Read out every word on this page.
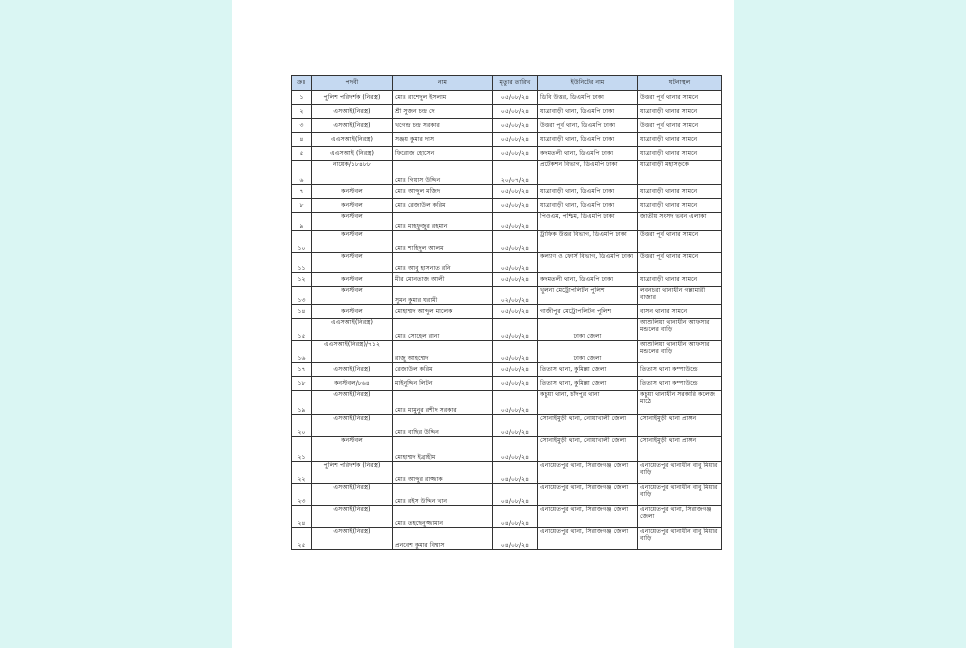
ক্রঃ	পদবী	নাম	মৃত্যুর তারিখ	ইউনিটের নাম	ঘটনাস্থল
১	পুলিশ পরিদর্শক (নিরস্ত্র)	মোঃ রাশেদুল ইসলাম	০৫/০৮/২৪	ডিবি উত্তর, ডিএমপি ঢাকা	উত্তরা পূর্ব থানার সামনে
২	এসআই(নিরস্ত্র)	শ্রী সুজন চন্দ্র দে	০৫/০৮/২৪	যাত্রাবাড়ী থানা, ডিএমপি ঢাকা	যাত্রাবাড়ী থানার সামনে
৩	এসআই(নিরস্ত্র)	খগেন্দ্র চন্দ্র সরকার	০৫/০৮/২৪	উত্তরা পূর্ব থানা, ডিএমপি ঢাকা	উত্তরা পূর্ব থানার সামনে
৪	এএসআই(নিরস্ত্র)	সঞ্জয় কুমার দাস	০৫/০৮/২৪	যাত্রাবাড়ী থানা, ডিএমপি ঢাকা	যাত্রাবাড়ী থানার সামনে
৫	এএসআই (নিরস্ত্র)	ফিরোজ হোসেন	০৫/০৮/২৪	কদমতলী থানা, ডিএমপি ঢাকা	যাত্রাবাড়ী থানার সামনে
৬	নায়েক/১৮৪৮৮	মোঃ গিয়াস উদ্দিন	২০/০৭/২৪	প্রটেকশন বিভাগ, ডিএমপি ঢাকা	যাত্রাবাড়ী মহাসড়কে
৭	কনস্টবল	মোঃ আব্দুল মজিদ	০৫/০৮/২৪	যাত্রাবাড়ী থানা, ডিএমপি ঢাকা	যাত্রাবাড়ী থানার সামনে
৮	কনস্টবল	মোঃ রেজাউল করিম	০৫/০৮/২৪	যাত্রাবাড়ী থানা, ডিএমপি ঢাকা	যাত্রাবাড়ী থানার সামনে
৯	কনস্টবল	মোঃ মাহফুজুর রহমান	০৫/০৮/২৪	পিওএম, পশ্চিম, ডিএমপি ঢাকা	জাতীয় সংসদ ভবন এলাকা
১০	কনস্টবল	মোঃ শাহিদুল আলম	০৫/০৮/২৪	ট্রাফিক উত্তর বিভাগ, ডিএমপি ঢাকা	উত্তরা পূর্ব থানার সামনে
১১	কনস্টবল	মোঃ আবু হাসনাত রনি	০৫/০৮/২৪	কল্যাণ ও ফোর্স বিভাগ, ডিএমপি ঢাকা	উত্তরা পূর্ব থানার সামনে
১২	কনস্টবল	মীর মোনতাজ আলী	০৫/০৮/২৪	কদমতলী থানা, ডিএমপি ঢাকা	যাত্রাবাড়ী থানার সামনে
১৩	কনস্টবল	সুমন কুমার ঘরামী	০২/০৮/২৪	খুলনা মেট্রোপলিটন পুলিশ	লবনচরা থানাধীন গল্লামারী বাজার
১৪	কনস্টবল	মোহাম্মদ আব্দুল মালেক	০৫/০৮/২৪	গাজীপুর মেট্রোপলিটন পুলিশ	বাসন থানার সামনে
১৫	এএসআই(নিরস্ত্র)	মোঃ সোহেল রানা	০৫/০৮/২৪	ঢাকা জেলা	আশুলিয়া থানাধীন আফসার মন্ডলের বাড়ি
১৬	এএসআই(নিরস্ত্র)/৭১২	রাজু আহম্মেদ	০৫/০৮/২৪	ঢাকা জেলা	আশুলিয়া থানাধীন আফসার মন্ডলের বাড়ি
১৭	এসআই(নিরস্ত্র)	রেজাউল করিম	০৫/০৮/২৪	তিতাস থানা, কুমিল্লা জেলা	তিতাস থানা কম্পাউন্ডে
১৮	কনস্টবল/৮৬৪	মাইনুদ্দিন লিটন	০৫/০৮/২৪	তিতাস থানা, কুমিল্লা জেলা	তিতাস থানা কম্পাউন্ডে
১৯	এসআই(নিরস্ত্র)	মোঃ মামুনুর রশীদ সরকার	০৫/০৮/২৪	কচুয়া থানা, চাঁদপুর থানা	কচুয়া থানাধীন সরকারি কলেজ মাঠে
২০	এসআই(নিরস্ত্র)	মোঃ বাছির উদ্দিন	০৫/০৮/২৪	সোনাইমুড়ী থানা, নোয়াখালী জেলা	সোনাইমুড়ী থানা প্রাঙ্গন
২১	কনস্টবল	মোহাম্মদ ইব্রাহীম	০৫/০৮/২৪	সোনাইমুড়ী থানা, নোয়াখালী জেলা	সোনাইমুড়ী থানা প্রাঙ্গন
২২	পুলিশ পরিদর্শক (নিরস্ত্র)	মোঃ আব্দুর রাজ্জাক	০৪/০৮/২৪	এনায়েতপুর থানা, সিরাজগঞ্জ জেলা	এনায়েতপুর থানাধীন বাবু মিয়ার বাড়ি
২৩	এসআই(নিরস্ত্র)	মোঃ রইস উদ্দিন খান	০৪/০৮/২৪	এনায়েতপুর থানা, সিরাজগঞ্জ জেলা	এনায়েতপুর থানাধীন বাবু মিয়ার বাড়ি
২৪	এসআই(নিরস্ত্র)	মোঃ তহছেনুজ্জামান	০৪/০৮/২৪	এনায়েতপুর থানা, সিরাজগঞ্জ জেলা	এনায়েতপুর থানা, সিরাজগঞ্জ জেলা
২৫	এসআই(নিরস্ত্র)	প্রনবেশ কুমার বিশ্বাস	০৪/০৮/২৪	এনায়েতপুর থানা, সিরাজগঞ্জ জেলা	এনায়েতপুর থানাধীন বাবু মিয়ার বাড়ি
